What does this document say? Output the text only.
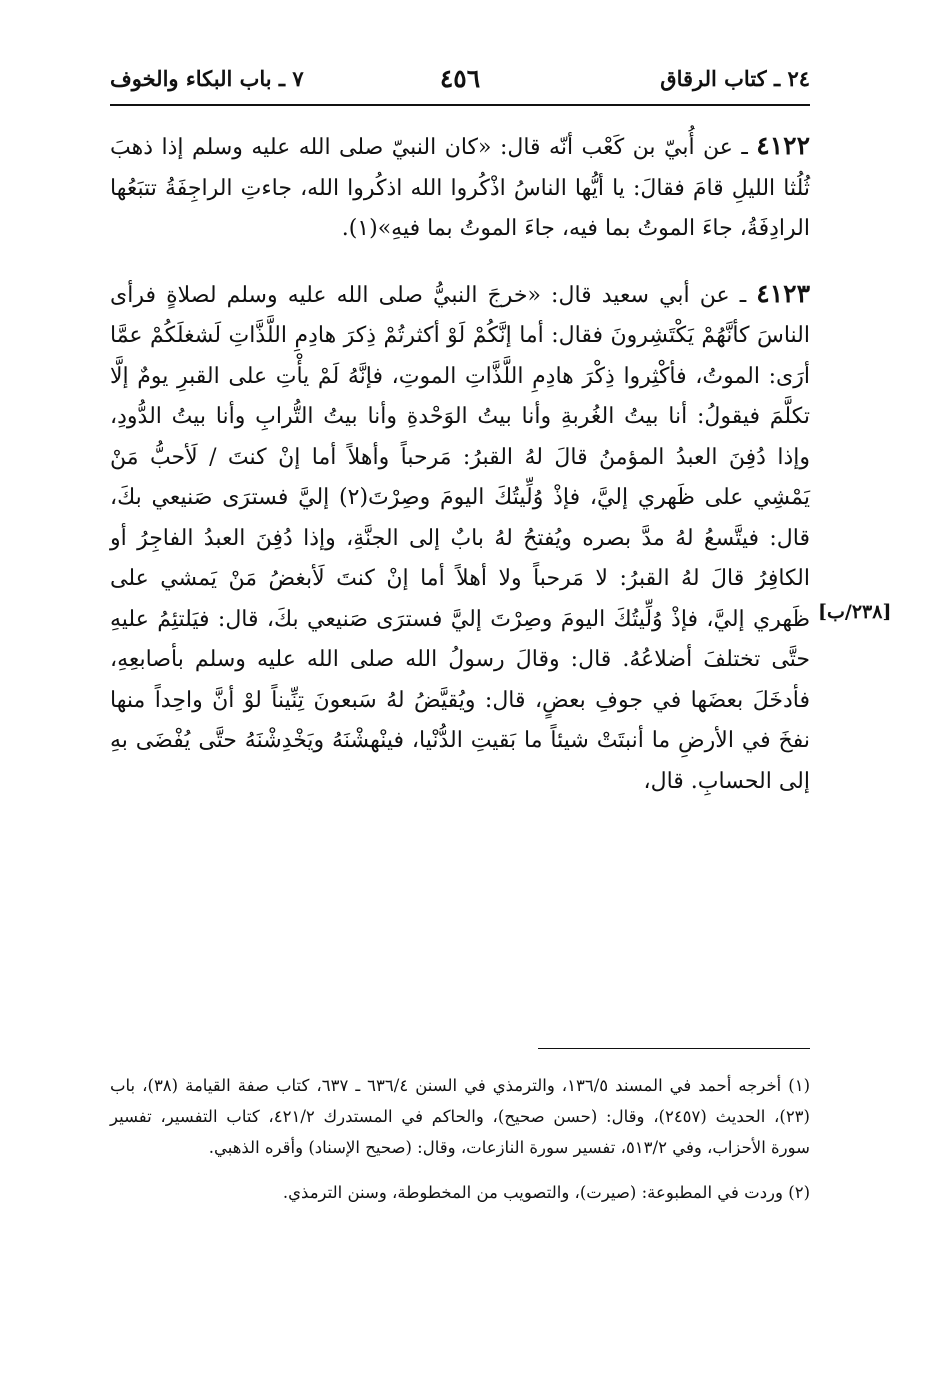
٢٤ ـ كتاب الرقاق
٤٥٦
٧ ـ باب البكاء والخوف

٤١٢٢ ـ عن أُبيّ بن كَعْب أنّه قال: «كان النبيّ صلى الله عليه وسلم إذا ذهبَ ثُلُثا الليلِ قامَ فقالَ: يا أيُّها الناسُ اذْكُروا الله اذكُروا الله، جاءتِ الراجِفَةُ تتبَعُها الرادِفَةُ، جاءَ الموتُ بما فيه، جاءَ الموتُ بما فيهِ»(١).

٤١٢٣ ـ عن أبي سعيد قال: «خرجَ النبيُّ صلى الله عليه وسلم لصلاةٍ فرأى الناسَ كأنَّهُمْ يَكْتَشِرونَ فقال: أما إنَّكُمْ لَوْ أكثرتُمْ ذِكرَ هادِمِ اللَّذَّاتِ لَشغلَكُمْ عمَّا أرَى: الموتُ، فأكْثِروا ذِكْرَ هادِمِ اللَّذَّاتِ الموتِ، فإنَّهُ لَمْ يأْتِ على القبرِ يومٌ إلَّا تكلَّمَ فيقولُ: أنا بيتُ الغُربةِ وأنا بيتُ الوَحْدةِ وأنا بيتُ التُّرابِ وأنا بيتُ الدُّودِ، وإذا دُفِنَ العبدُ المؤمنُ قالَ لهُ القبرُ: مَرحباً وأهلاً أما إنْ كنتَ / لَأحبُّ مَنْ يَمْشِي على ظَهري إليَّ، فإذْ وُلِّيتُكَ اليومَ وصِرْتَ(٢) إليَّ فسترَى صَنيعي بكَ، قال: فيتَّسعُ لهُ مدَّ بصره ويُفتحُ لهُ بابٌ إلى الجنَّةِ، وإذا دُفِنَ العبدُ الفاجِرُ أو الكافِرُ قالَ لهُ القبرُ: لا مَرحباً ولا أهلاً أما إنْ كنتَ لَأبغضُ مَنْ يَمشي على ظَهري إليَّ، فإذْ وُلِّيتُكَ اليومَ وصِرْتَ إليَّ فسترَى صَنيعي بكَ، قال: فيَلتئِمُ عليهِ حتَّى تختلفَ أضلاعُهُ. قال: وقالَ رسولُ الله صلى الله عليه وسلم بأصابعِهِ، فأدخَلَ بعضَها في جوفِ بعضٍ، قال: ويُقيَّضُ لهُ سَبعونَ تِنِّيناً لوْ أنَّ واحِداً منها نفخَ في الأرضِ ما أنبتَتْ شيئاً ما بَقيتِ الدُّنْيا، فينْهشْنَهُ ويَخْدِشْنَهُ حتَّى يُفْضَى بهِ إلى الحسابِ. قال،

[٢٣٨/ب]

(١) أخرجه أحمد في المسند ١٣٦/٥، والترمذي في السنن ٦٣٦/٤ ـ ٦٣٧، كتاب صفة القيامة (٣٨)، باب (٢٣)، الحديث (٢٤٥٧)، وقال: (حسن صحيح)، والحاكم في المستدرك ٤٢١/٢، كتاب التفسير، تفسير سورة الأحزاب، وفي ٥١٣/٢، تفسير سورة النازعات، وقال: (صحيح الإسناد) وأقره الذهبي.

(٢) وردت في المطبوعة: (صيرت)، والتصويب من المخطوطة، وسنن الترمذي.
